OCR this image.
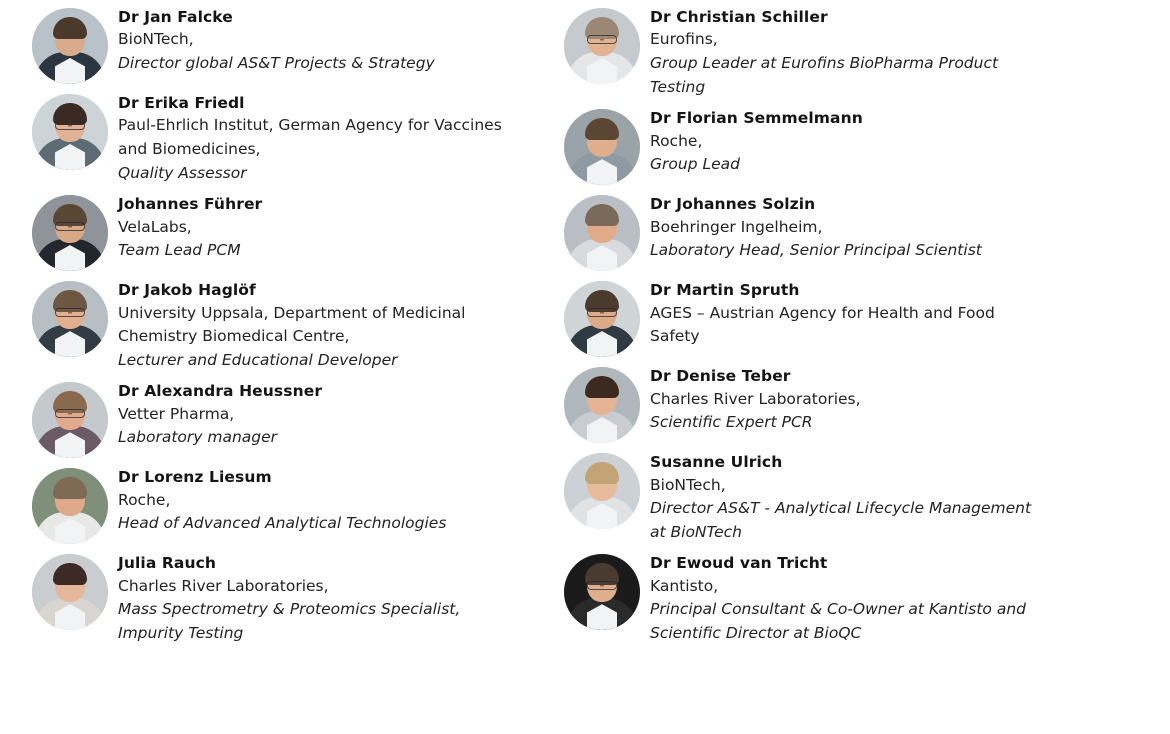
Dr Jan Falcke
BioNTech,
Director global AS&T Projects & Strategy
Dr Erika Friedl
Paul-Ehrlich Institut, German Agency for Vaccines and Biomedicines,
Quality Assessor
Johannes Führer
VelaLabs,
Team Lead PCM
Dr Jakob Haglöf
University Uppsala, Department of Medicinal Chemistry Biomedical Centre,
Lecturer and Educational Developer
Dr Alexandra Heussner
Vetter Pharma,
Laboratory manager
Dr Lorenz Liesum
Roche,
Head of Advanced Analytical Technologies
Julia Rauch
Charles River Laboratories,
Mass Spectrometry & Proteomics Specialist, Impurity Testing
Dr Christian Schiller
Eurofins,
Group Leader at Eurofins BioPharma Product Testing
Dr Florian Semmelmann
Roche,
Group Lead
Dr Johannes Solzin
Boehringer Ingelheim,
Laboratory Head, Senior Principal Scientist
Dr Martin Spruth
AGES – Austrian Agency for Health and Food Safety
Dr Denise Teber
Charles River Laboratories,
Scientific Expert PCR
Susanne Ulrich
BioNTech,
Director AS&T - Analytical Lifecycle Management at BioNTech
Dr Ewoud van Tricht
Kantisto,
Principal Consultant & Co-Owner at Kantisto and Scientific Director at BioQC
